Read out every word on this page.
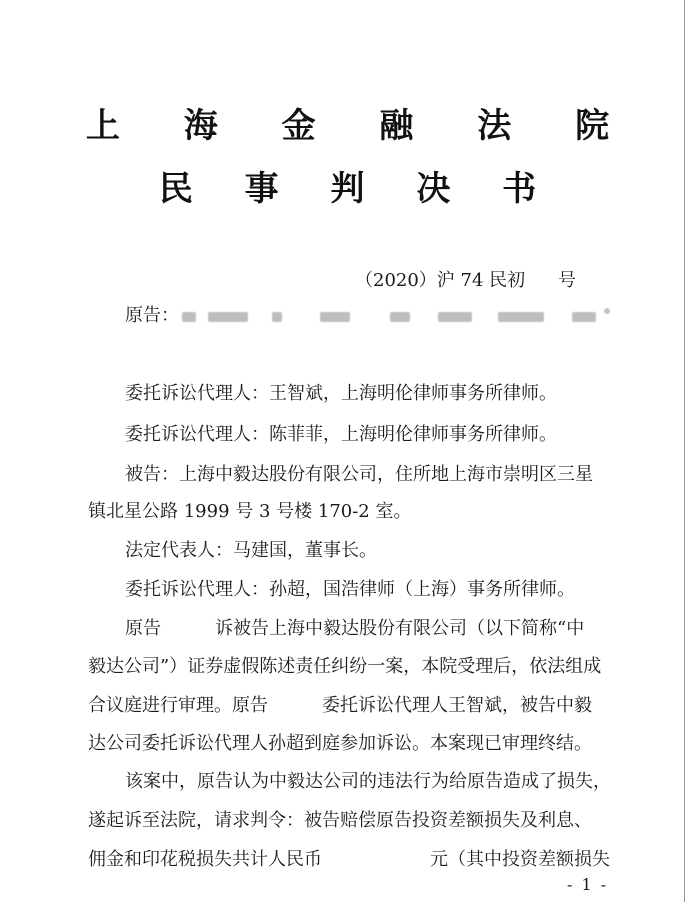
上 海 金 融 法 院
民 事 判 决 书
（2020）沪 74 民初 号
原告：
委托诉讼代理人：王智斌，上海明伦律师事务所律师。
委托诉讼代理人：陈菲菲，上海明伦律师事务所律师。
被告：上海中毅达股份有限公司，住所地上海市崇明区三星
镇北星公路 1999 号 3 号楼 170-2 室。
法定代表人：马建国，董事长。
委托诉讼代理人：孙超，国浩律师（上海）事务所律师。
原告　　　诉被告上海中毅达股份有限公司（以下简称“中
毅达公司”）证券虚假陈述责任纠纷一案，本院受理后，依法组成
合议庭进行审理。原告　　　委托诉讼代理人王智斌，被告中毅
达公司委托诉讼代理人孙超到庭参加诉讼。本案现已审理终结。
该案中，原告认为中毅达公司的违法行为给原告造成了损失，
遂起诉至法院，请求判令：被告赔偿原告投资差额损失及利息、
佣金和印花税损失共计人民币　　　　　　元（其中投资差额损失
- 1 -
